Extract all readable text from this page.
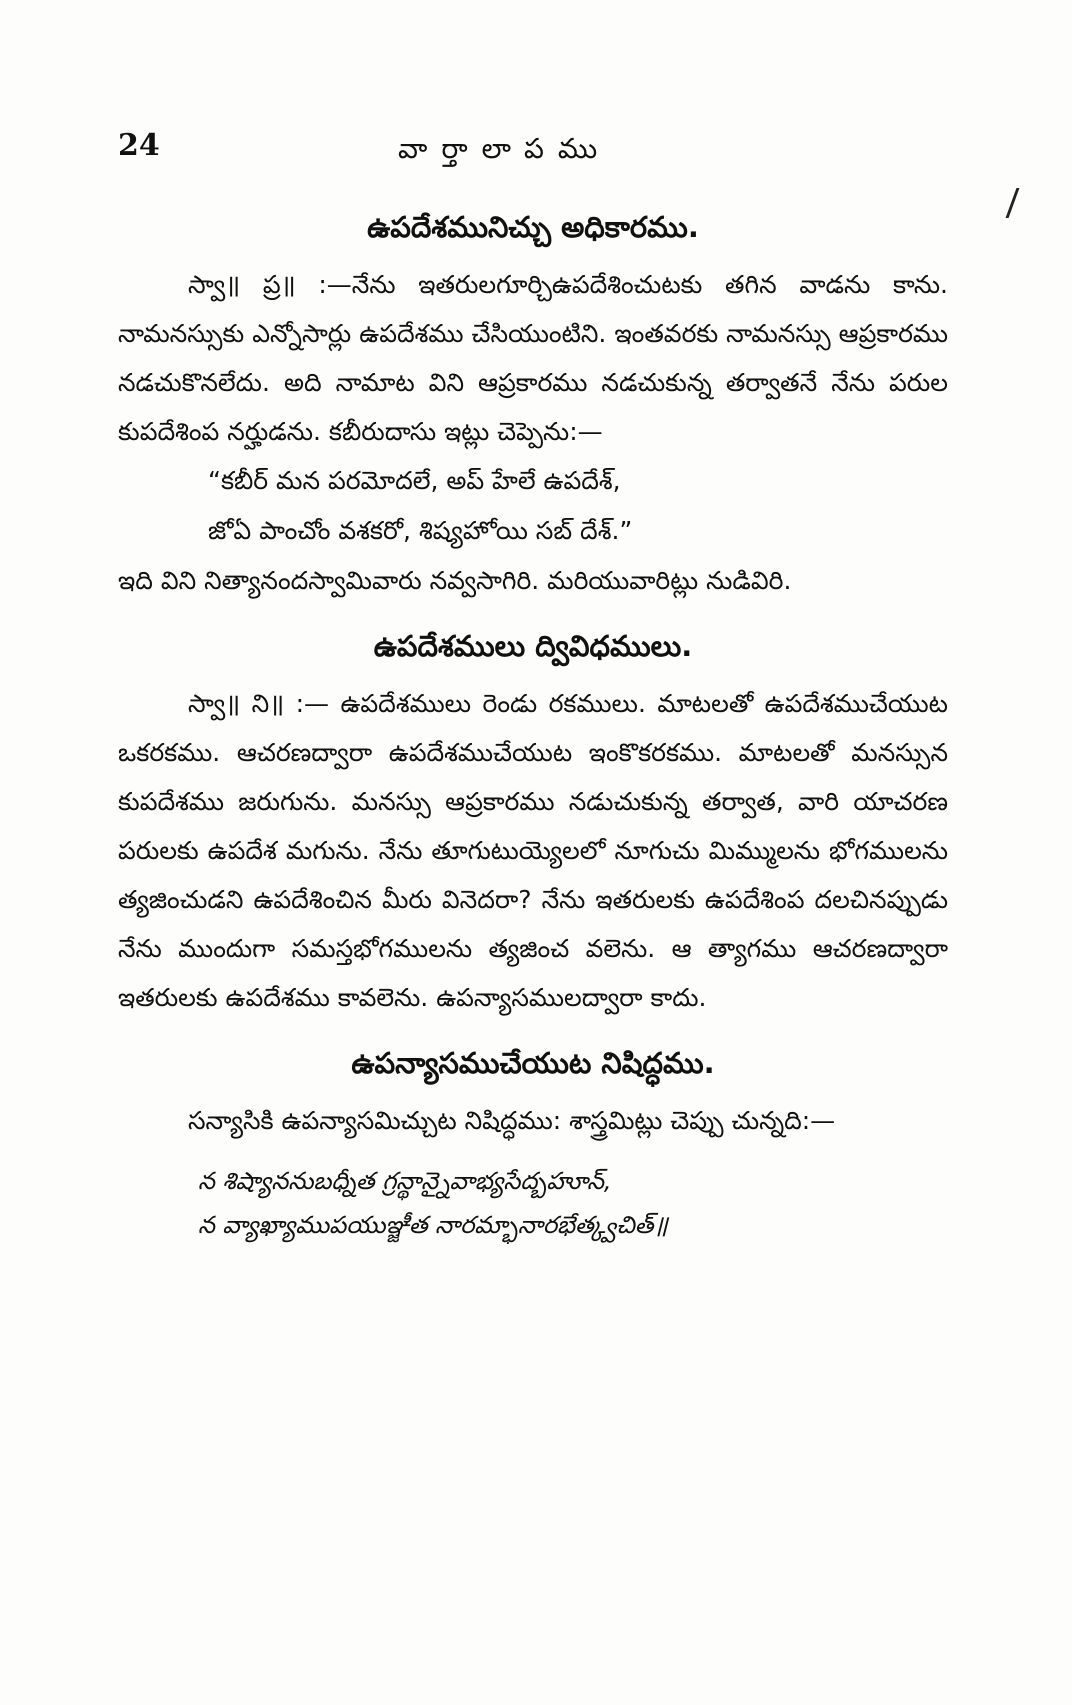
24	వార్తాలాపము
ఉపదేశమునిచ్చు అధికారము.

స్వా॥ ప్ర॥ :—నేను ఇతరులగూర్చిఉపదేశించుటకు తగిన వాడను కాను. నామనస్సుకు ఎన్నోసార్లు ఉపదేశము చేసియుంటిని. ఇంతవరకు నామనస్సు ఆప్రకారము నడచుకొనలేదు. అది నామాట విని ఆప్రకారము నడచుకున్న తర్వాతనే నేను పరుల కుపదేశింప నర్హుడను. కబీరుదాసు ఇట్లు చెప్పెను:—

“కబీర్ మన పరమోదలే, అప్ హేలే ఉపదేశ్,

జోఏ పాంచోం వశకరో, శిష్యహోయి సబ్ దేశ్.”

ఇది విని నిత్యానందస్వామివారు నవ్వసాగిరి. మరియువారిట్లు నుడివిరి.

ఉపదేశములు ద్వివిధములు.

స్వా॥ ని॥ :— ఉపదేశములు రెండు రకములు. మాటలతో ఉపదేశముచేయుట ఒకరకము. ఆచరణద్వారా ఉపదేశముచేయుట ఇంకొకరకము. మాటలతో మనస్సున కుపదేశము జరుగును. మనస్సు ఆప్రకారము నడుచుకున్న తర్వాత, వారి యాచరణ పరులకు ఉపదేశ మగును. నేను తూగుటుయ్యెలలో నూగుచు మిమ్ములను భోగములను త్యజించుడని ఉపదేశించిన మీరు వినెదరా? నేను ఇతరులకు ఉపదేశింప దలచినప్పుడు నేను ముందుగా సమస్తభోగములను త్యజించ వలెను. ఆ త్యాగము ఆచరణద్వారా ఇతరులకు ఉపదేశము కావలెను. ఉపన్యాసములద్వారా కాదు.

ఉపన్యాసముచేయుట నిషిద్ధము.

సన్యాసికి ఉపన్యాసమిచ్చుట నిషిద్ధము: శాస్త్రమిట్లు చెప్పు చున్నది:—

న శిష్యాననుబధ్నీత గ్రన్థాన్నైవాభ్యసేద్బహూన్,

న వ్యాఖ్యాముపయుఞ్జీత నారమ్భానారభేత్క్వచిత్॥
